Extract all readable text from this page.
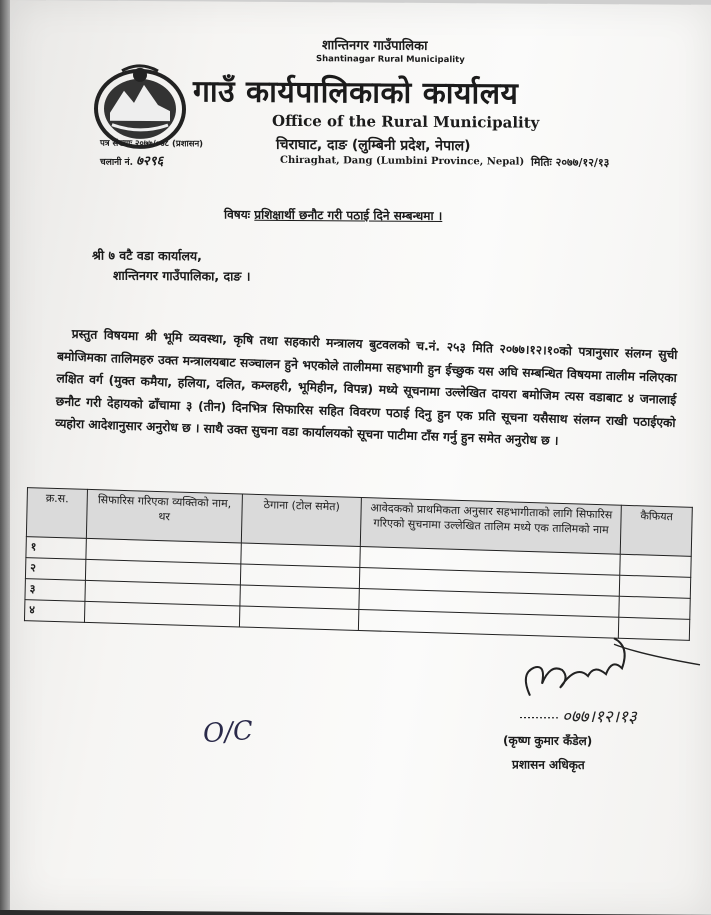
शान्तिनगर गाउँपालिका
Shantinagar Rural Municipality
गाउँ कार्यपालिकाको कार्यालय
Office of the Rural Municipality
चिराघाट, दाङ (लुम्बिनी प्रदेश, नेपाल)
Chiraghat, Dang (Lumbini Province, Nepal)
पत्र संख्याः २०७७/०७८ (प्रशासन)
चलानी नं. ७२९६	मितिः २०७७/१२/१३
विषयः प्रशिक्षार्थी छनौट गरी पठाई दिने सम्बन्धमा ।
श्री ७ वटै वडा कार्यालय,
शान्तिनगर गाउँपालिका, दाङ ।

प्रस्तुत विषयमा श्री भूमि व्यवस्था, कृषि तथा सहकारी मन्त्रालय बुटवलको च.नं. २५३ मिति २०७७।१२।१०को पत्रानुसार संलग्न सुची बमोजिमका तालिमहरु उक्त मन्त्रालयबाट सञ्चालन हुने भएकोले तालीममा सहभागी हुन ईच्छुक यस अघि सम्बन्धित विषयमा तालीम नलिएका लक्षित वर्ग (मुक्त कमैया, हलिया, दलित, कम्लहरी, भूमिहीन, विपन्न) मध्ये सूचनामा उल्लेखित दायरा बमोजिम त्यस वडाबाट ४ जनालाई छनौट गरी देहायको ढाँचामा ३ (तीन) दिनभित्र सिफारिस सहित विवरण पठाई दिनु हुन एक प्रति सूचना यसैसाथ संलग्न राखी पठाईएको व्यहोरा आदेशानुसार अनुरोध छ । साथै उक्त सुचना वडा कार्यालयको सूचना पाटीमा टाँस गर्नु हुन समेत अनुरोध छ ।

क्र.स.	सिफारिस गरिएका व्यक्तिको नाम, थर	ठेगाना (टोल समेत)	आवेदकको प्राथमिकता अनुसार सहभागीताको लागि सिफारिस गरिएको सुचनामा उल्लेखित तालिम मध्ये एक तालिमको नाम	कैफियत
१				
२				
३				
४				
०७७।१२।१३
(कृष्ण कुमार कँडेल)
प्रशासन अधिकृत
O/C
